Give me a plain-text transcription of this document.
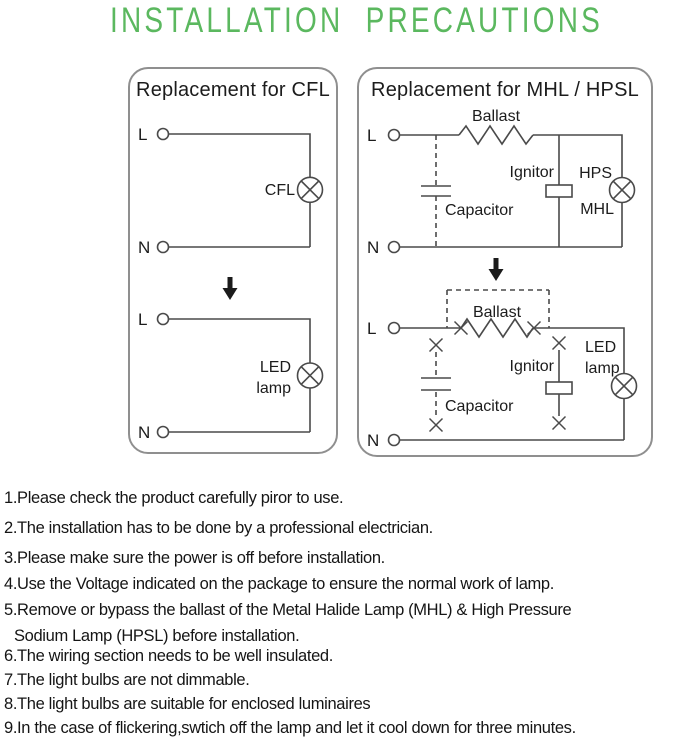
INSTALLATION PRECAUTIONS
Replacement for CFL
L
CFL
N
L
LED
lamp
N
Replacement for MHL / HPSL
L
Ballast
Capacitor
Ignitor HPS
MHL
N
Ballast
L
Capacitor
Ignitor
LED
lamp
N
1.Please check the product carefully piror to use.
2.The installation has to be done by a professional electrician.
3.Please make sure the power is off before installation.
4.Use the Voltage indicated on the package to ensure the normal work of lamp.
5.Remove or bypass the ballast of the Metal Halide Lamp (MHL) & High Pressure
Sodium Lamp (HPSL) before installation.
6.The wiring section needs to be well insulated.
7.The light bulbs are not dimmable.
8.The light bulbs are suitable for enclosed luminaires
9.In the case of flickering,swtich off the lamp and let it cool down for three minutes.
